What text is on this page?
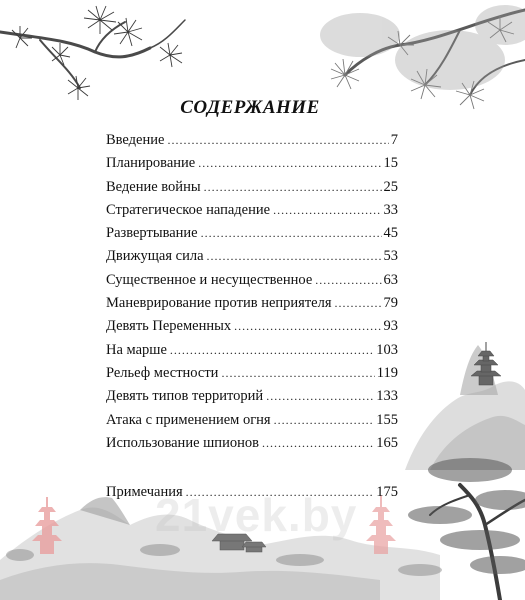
СОДЕРЖАНИЕ
Введение . . .	7
Планирование . . .	15
Ведение войны . . .	25
Стратегическое нападение . . .	33
Развертывание . . .	45
Движущая сила . . .	53
Существенное и несущественное . . .	63
Маневрирование против неприятеля . . .	79
Девять Переменных . . .	93
На марше . . .	103
Рельеф местности . . .	119
Девять типов территорий . . .	133
Атака с применением огня . . .	155
Использование шпионов . . .	165
Примечания . . .	175
21vek.by
